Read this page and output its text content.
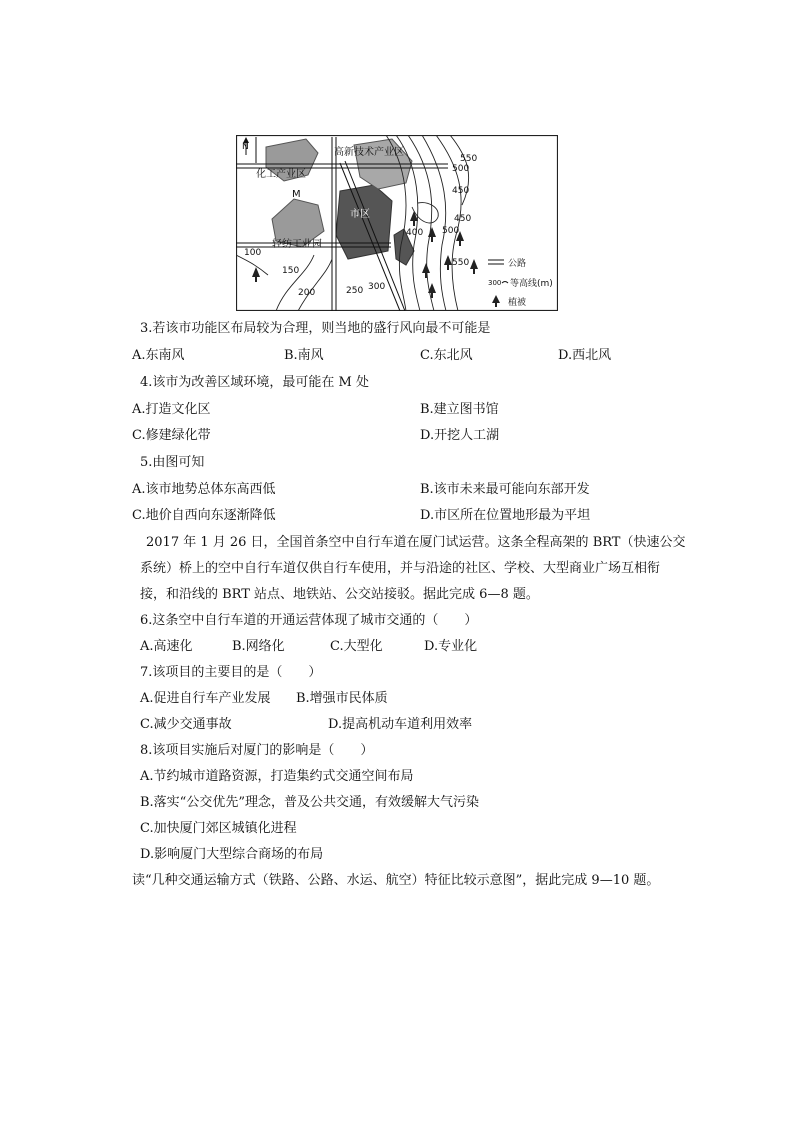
高新技术产业区
化工产业区
M
市区
轻纺工业园
N
550
500
450
450
500
400
550
100
150
200	250 300
公路
300 等高线(m)
植被
3.若该市功能区布局较为合理，则当地的盛行风向最不可能是
A.东南风	B.南风	C.东北风	D.西北风
4.该市为改善区域环境，最可能在 M 处
A.打造文化区	B.建立图书馆
C.修建绿化带	D.开挖人工湖
5.由图可知
A.该市地势总体东高西低	B.该市未来最可能向东部开发
C.地价自西向东逐渐降低	D.市区所在位置地形最为平坦
2017 年 1 月 26 日，全国首条空中自行车道在厦门试运营。这条全程高架的 BRT（快速公交
系统）桥上的空中自行车道仅供自行车使用，并与沿途的社区、学校、大型商业广场互相衔
接，和沿线的 BRT 站点、地铁站、公交站接驳。据此完成 6—8 题。
6.这条空中自行车道的开通运营体现了城市交通的（　　）
A.高速化	B.网络化	C.大型化	D.专业化
7.该项目的主要目的是（　　）
A.促进自行车产业发展 B.增强市民体质
C.减少交通事故	D.提高机动车道利用效率
8.该项目实施后对厦门的影响是（　　）
A.节约城市道路资源，打造集约式交通空间布局
B.落实“公交优先”理念，普及公共交通，有效缓解大气污染
C.加快厦门郊区城镇化进程
D.影响厦门大型综合商场的布局
读“几种交通运输方式（铁路、公路、水运、航空）特征比较示意图”，据此完成 9—10 题。
